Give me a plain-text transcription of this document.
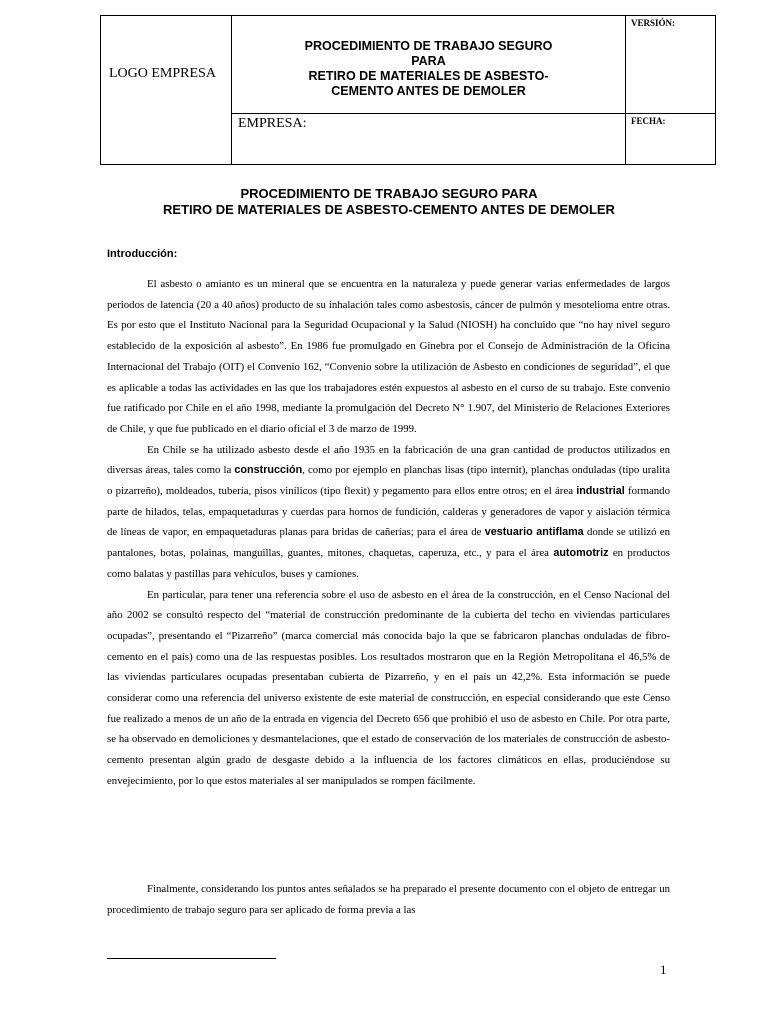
LOGO EMPRESA	PROCEDIMIENTO DE TRABAJO SEGURO
PARA
RETIRO DE MATERIALES DE ASBESTO-
CEMENTO ANTES DE DEMOLER	VERSIÓN:

	EMPRESA:	FECHA:
PROCEDIMIENTO DE TRABAJO SEGURO PARA
RETIRO DE MATERIALES DE ASBESTO-CEMENTO ANTES DE DEMOLER
Introducción:

El asbesto o amianto es un mineral que se encuentra en la naturaleza y puede generar varias enfermedades de largos periodos de latencia (20 a 40 años) producto de su inhalación tales como asbestosis, cáncer de pulmón y mesotelioma entre otras. Es por esto que el Instituto Nacional para la Seguridad Ocupacional y la Salud (NIOSH) ha concluido que “no hay nivel seguro establecido de la exposición al asbesto”. En 1986 fue promulgado en Ginebra por el Consejo de Administración de la Oficina Internacional del Trabajo (OIT) el Convenio 162, “Convenio sobre la utilización de Asbesto en condiciones de seguridad”, el que es aplicable a todas las actividades en las que los trabajadores estén expuestos al asbesto en el curso de su trabajo. Este convenio fue ratificado por Chile en el año 1998, mediante la promulgación del Decreto N° 1.907, del Ministerio de Relaciones Exteriores de Chile, y que fue publicado en el diario oficial el 3 de marzo de 1999.

En Chile se ha utilizado asbesto desde el año 1935 en la fabricación de una gran cantidad de productos utilizados en diversas áreas, tales como la construcción, como por ejemplo en planchas lisas (tipo internit), planchas onduladas (tipo uralita o pizarreño), moldeados, tubería, pisos vinílicos (tipo flexit) y pegamento para ellos entre otros; en el área industrial formando parte de hilados, telas, empaquetaduras y cuerdas para hornos de fundición, calderas y generadores de vapor y aislación térmica de líneas de vapor, en empaquetaduras planas para bridas de cañerías; para el área de vestuario antiflama donde se utilizó en pantalones, botas, polainas, manguillas, guantes, mitones, chaquetas, caperuza, etc., y para el área automotriz en productos como balatas y pastillas para vehículos, buses y camiones.

En particular, para tener una referencia sobre el uso de asbesto en el área de la construcción, en el Censo Nacional del año 2002 se consultó respecto del “material de construcción predominante de la cubierta del techo en viviendas particulares ocupadas”, presentando el “Pizarreño” (marca comercial más conocida bajo la que se fabricaron planchas onduladas de fibro-cemento en el país) como una de las respuestas posibles. Los resultados mostraron que en la Región Metropolitana el 46,5% de las viviendas particulares ocupadas presentaban cubierta de Pizarreño, y en el país un 42,2%. Esta información se puede considerar como una referencia del universo existente de este material de construcción, en especial considerando que este Censo fue realizado a menos de un año de la entrada en vigencia del Decreto 656 que prohibió el uso de asbesto en Chile. Por otra parte, se ha observado en demoliciones y desmantelaciones, que el estado de conservación de los materiales de construcción de asbesto-cemento presentan algún grado de desgaste debido a la influencia de los factores climáticos en ellas, produciéndose su envejecimiento, por lo que estos materiales al ser manipulados se rompen fácilmente.

Finalmente, considerando los puntos antes señalados se ha preparado el presente documento con el objeto de entregar un procedimiento de trabajo seguro para ser aplicado de forma previa a las

1
